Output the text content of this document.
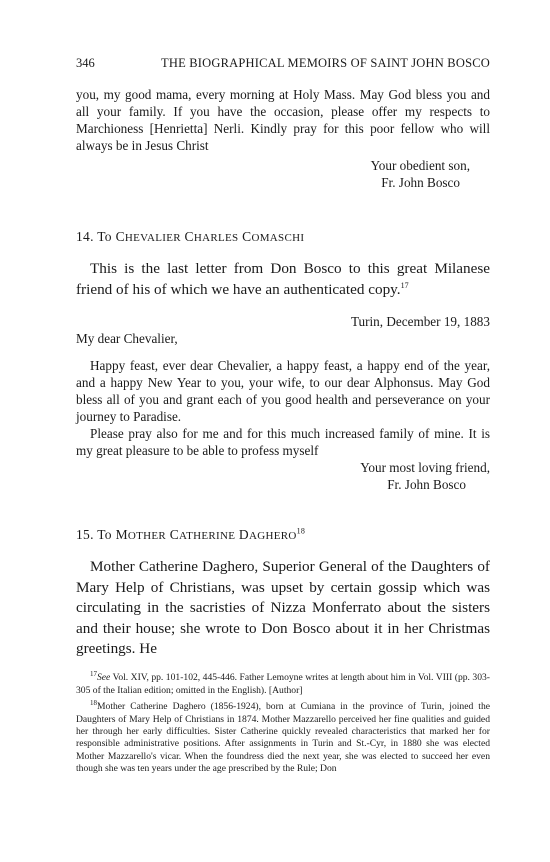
346	THE BIOGRAPHICAL MEMOIRS OF SAINT JOHN BOSCO
you, my good mama, every morning at Holy Mass. May God bless you and all your family. If you have the occasion, please offer my respects to Marchioness [Henrietta] Nerli. Kindly pray for this poor fellow who will always be in Jesus Christ
Your obedient son,
Fr. John Bosco
14. To CHEVALIER CHARLES COMASCHI
This is the last letter from Don Bosco to this great Milanese friend of his of which we have an authenticated copy.$^{17}$
Turin, December 19, 1883
My dear Chevalier,
Happy feast, ever dear Chevalier, a happy feast, a happy end of the year, and a happy New Year to you, your wife, to our dear Alphonsus. May God bless all of you and grant each of you good health and perseverance on your journey to Paradise.
Please pray also for me and for this much increased family of mine. It is my great pleasure to be able to profess myself
Your most loving friend,
Fr. John Bosco
15. To MOTHER CATHERINE DAGHERO$^{18}$
Mother Catherine Daghero, Superior General of the Daughters of Mary Help of Christians, was upset by certain gossip which was circulating in the sacristies of Nizza Monferrato about the sisters and their house; she wrote to Don Bosco about it in her Christmas greetings. He
$^{17}$See Vol. XIV, pp. 101-102, 445-446. Father Lemoyne writes at length about him in Vol. VIII (pp. 303-305 of the Italian edition; omitted in the English). [Author]
$^{18}$Mother Catherine Daghero (1856-1924), born at Cumiana in the province of Turin, joined the Daughters of Mary Help of Christians in 1874. Mother Mazzarello perceived her fine qualities and guided her through her early difficulties. Sister Catherine quickly revealed characteristics that marked her for responsible administrative positions. After assignments in Turin and St.-Cyr, in 1880 she was elected Mother Mazzarello's vicar. When the foundress died the next year, she was elected to succeed her even though she was ten years under the age prescribed by the Rule; Don
